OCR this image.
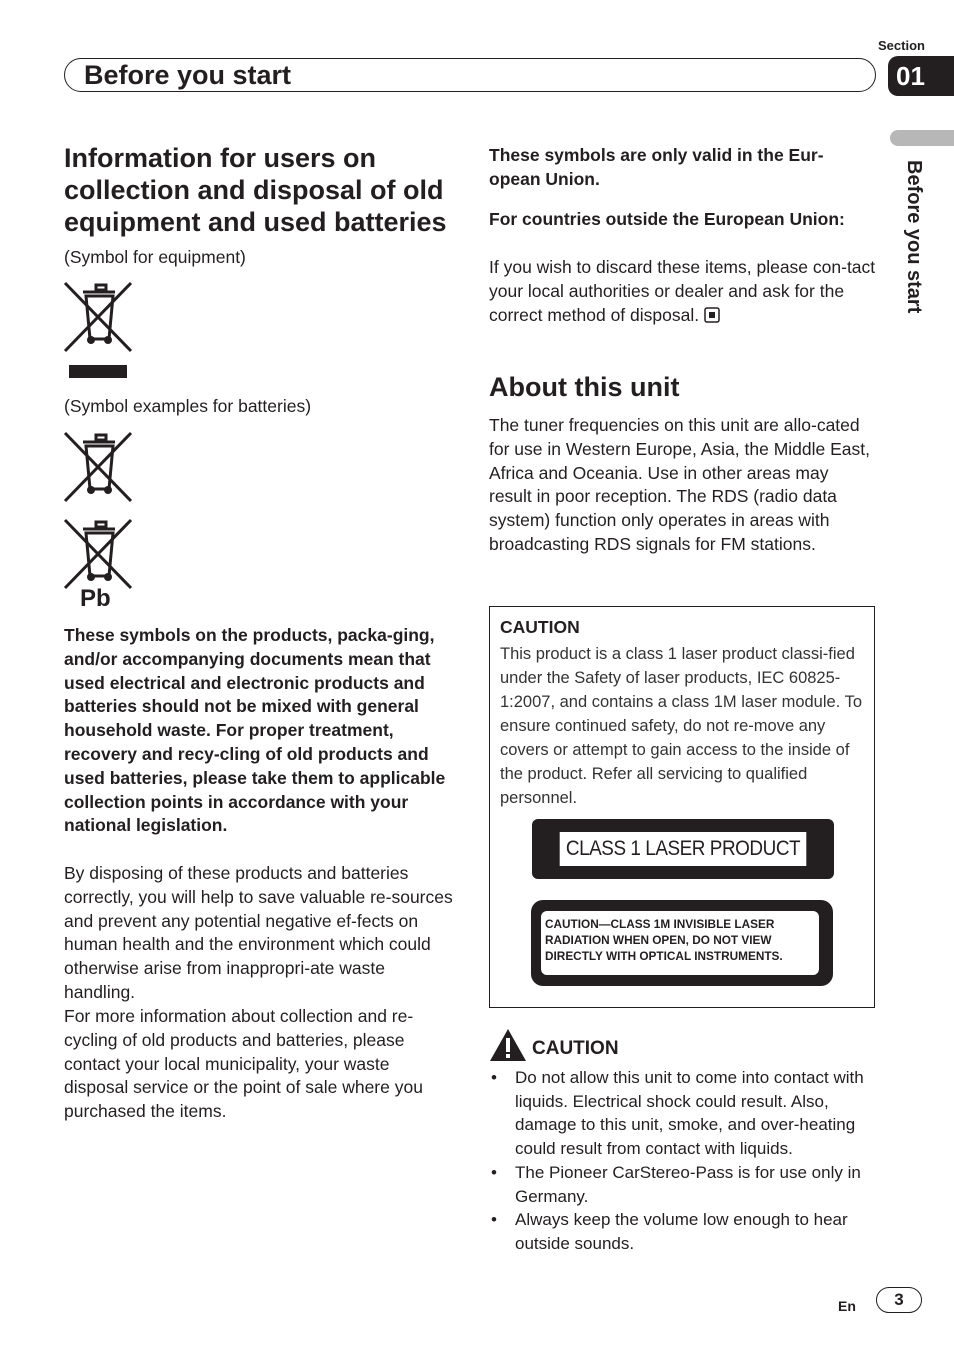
Section
Before you start	01
Before you start
Information for users on collection and disposal of old equipment and used batteries
(Symbol for equipment)
(Symbol examples for batteries)
Pb
These symbols on the products, packa-ging, and/or accompanying documents mean that used electrical and electronic products and batteries should not be mixed with general household waste. For proper treatment, recovery and recy-cling of old products and used batteries, please take them to applicable collection points in accordance with your national legislation.
By disposing of these products and batteries correctly, you will help to save valuable re-sources and prevent any potential negative ef-fects on human health and the environment which could otherwise arise from inappropri-ate waste handling.
For more information about collection and re-cycling of old products and batteries, please contact your local municipality, your waste disposal service or the point of sale where you purchased the items.
These symbols are only valid in the Eur-opean Union.
For countries outside the European Union:
If you wish to discard these items, please con-tact your local authorities or dealer and ask for the correct method of disposal.
About this unit
The tuner frequencies on this unit are allo-cated for use in Western Europe, Asia, the Middle East, Africa and Oceania. Use in other areas may result in poor reception. The RDS (radio data system) function only operates in areas with broadcasting RDS signals for FM stations.
CAUTION
This product is a class 1 laser product classi-fied under the Safety of laser products, IEC 60825-1:2007, and contains a class 1M laser module. To ensure continued safety, do not re-move any covers or attempt to gain access to the inside of the product. Refer all servicing to qualified personnel.
CLASS 1 LASER PRODUCT
CAUTION—CLASS 1M INVISIBLE LASER RADIATION WHEN OPEN, DO NOT VIEW DIRECTLY WITH OPTICAL INSTRUMENTS.
CAUTION
• Do not allow this unit to come into contact with liquids. Electrical shock could result. Also, damage to this unit, smoke, and over-heating could result from contact with liquids.
• The Pioneer CarStereo-Pass is for use only in Germany.
• Always keep the volume low enough to hear outside sounds.
En	3
